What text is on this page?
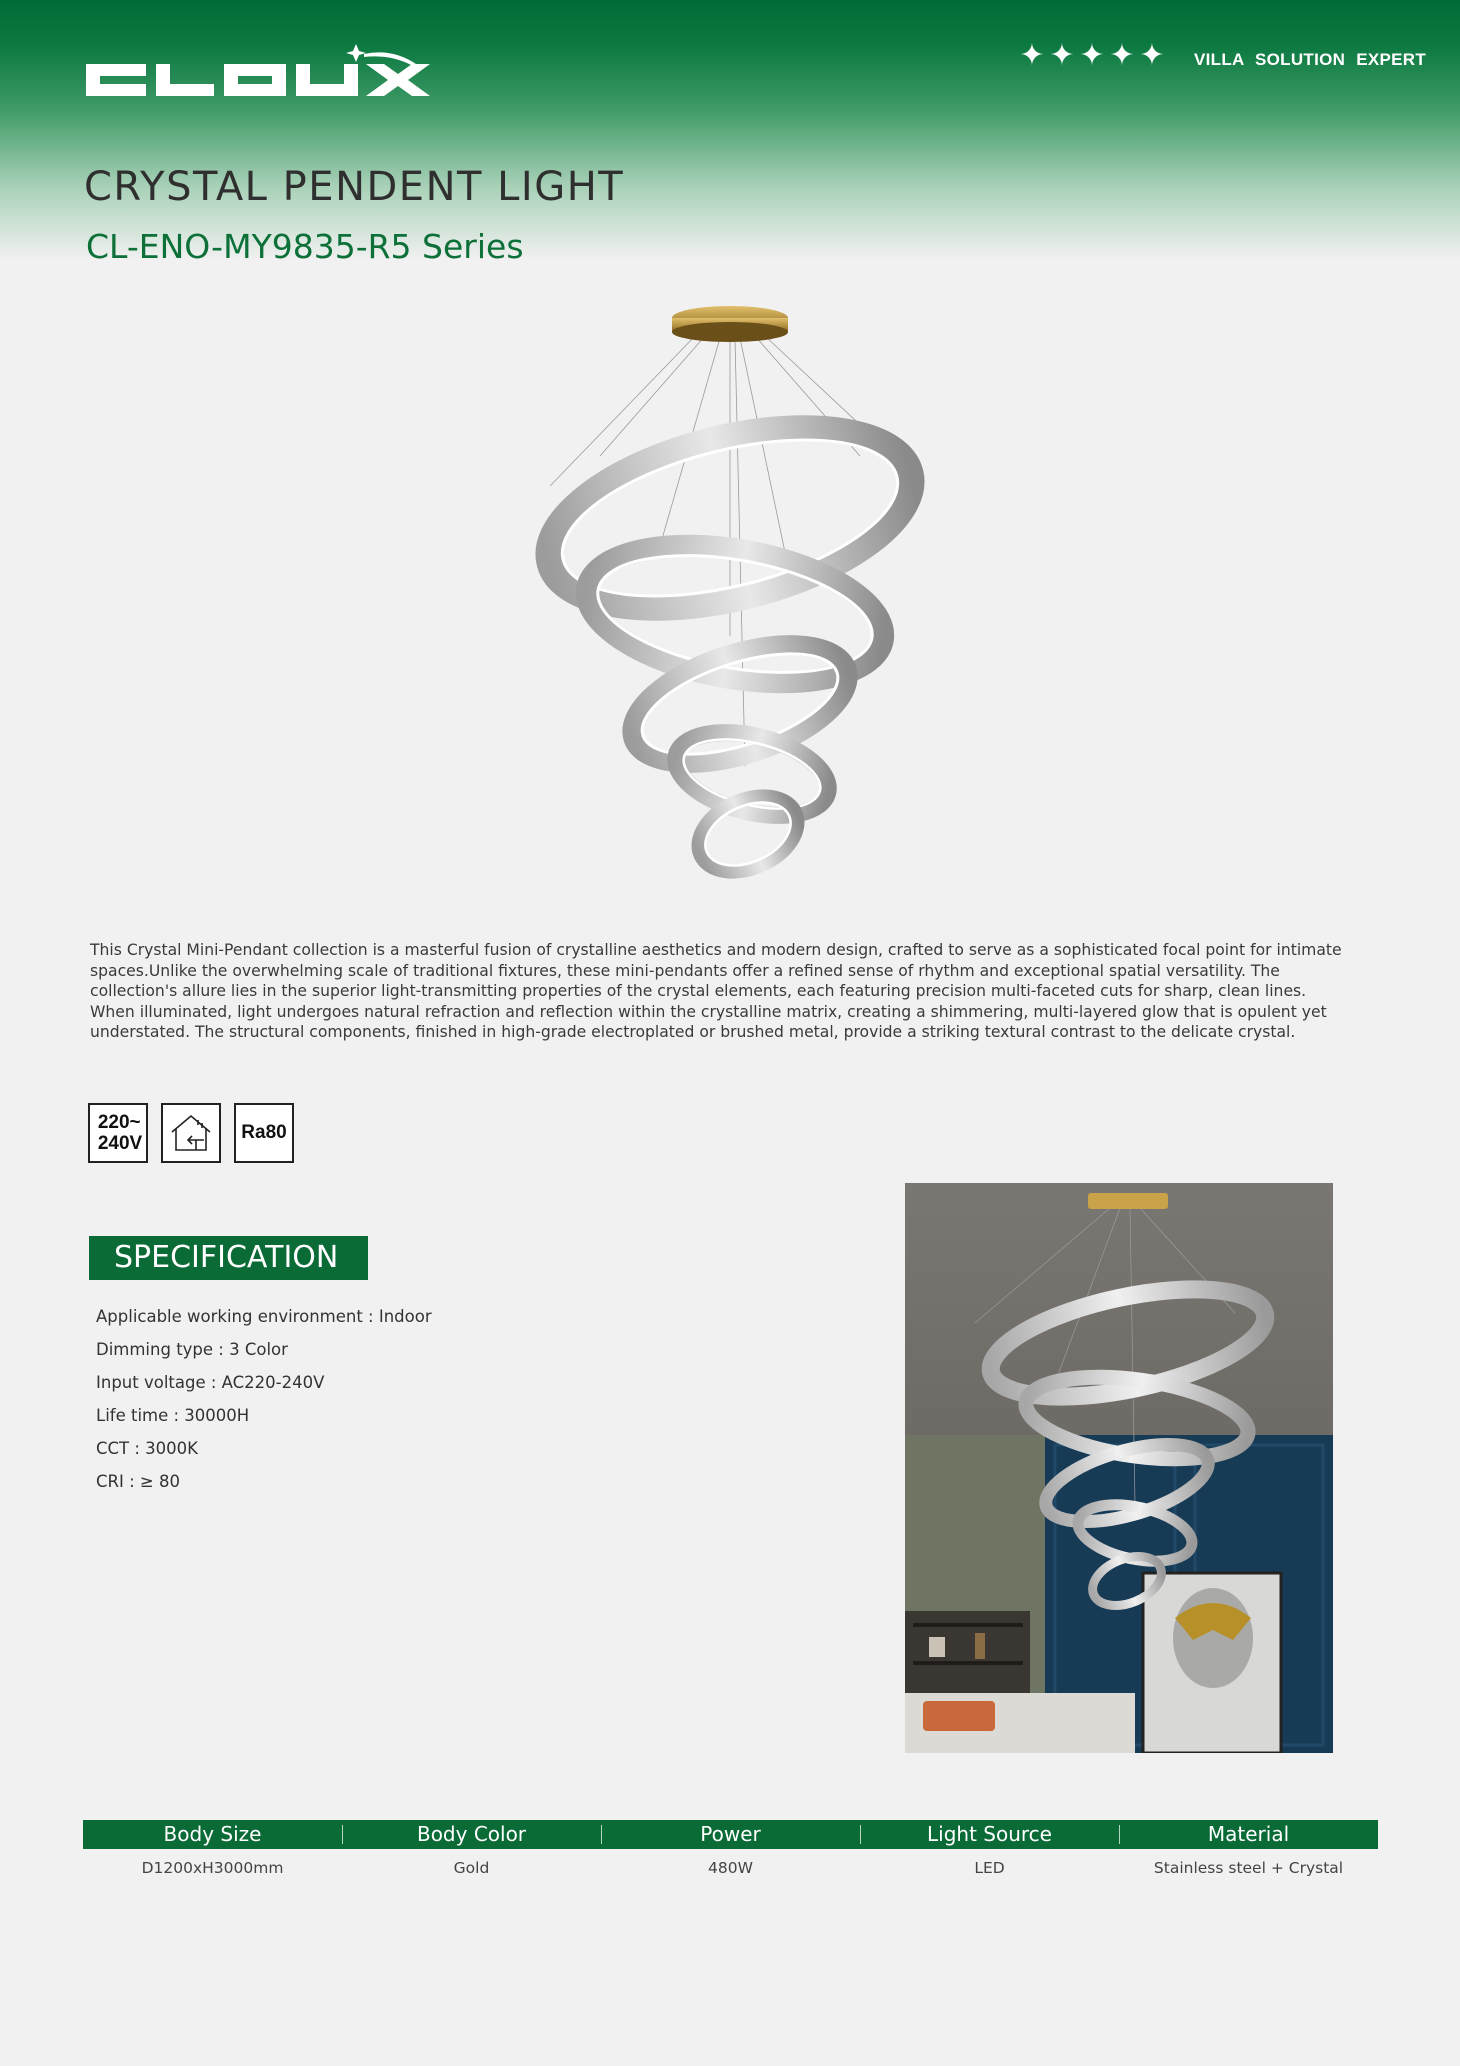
✦ ✦ ✦ ✦ ✦ VILLA SOLUTION EXPERT
CRYSTAL PENDENT LIGHT
CL-ENO-MY9835-R5 Series

This Crystal Mini-Pendant collection is a masterful fusion of crystalline aesthetics and modern design, crafted to serve as a sophisticated focal point for intimate spaces.Unlike the overwhelming scale of traditional fixtures, these mini-pendants offer a refined sense of rhythm and exceptional spatial versatility. The collection's allure lies in the superior light-transmitting properties of the crystal elements, each featuring precision multi-faceted cuts for sharp, clean lines. When illuminated, light undergoes natural refraction and reflection within the crystalline matrix, creating a shimmering, multi-layered glow that is opulent yet understated. The structural components, finished in high-grade electroplated or brushed metal, provide a striking textural contrast to the delicate crystal.

220~
240V
Ra80
SPECIFICATION
Applicable working environment : Indoor
Dimming type : 3 Color
Input voltage : AC220-240V
Life time : 30000H
CCT : 3000K
CRI : ≥ 80
Body Size	Body Color	Power	Light Source	Material
D1200xH3000mm	Gold	480W	LED	Stainless steel + Crystal
